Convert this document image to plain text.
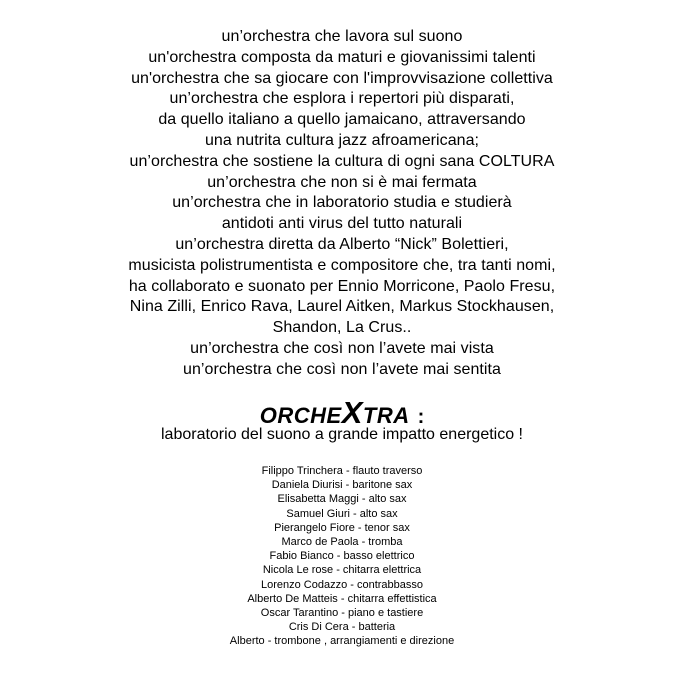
un’orchestra che lavora sul suono
un'orchestra composta da maturi e giovanissimi talenti
un'orchestra che sa giocare con l'improvvisazione collettiva
un’orchestra che esplora i repertori più disparati,
da quello italiano a quello jamaicano, attraversando
una nutrita cultura jazz afroamericana;
un’orchestra che sostiene la cultura di ogni sana COLTURA
un’orchestra che non si è mai fermata
un’orchestra che in laboratorio studia e studierà
antidoti anti virus del tutto naturali
un’orchestra diretta da Alberto “Nick” Bolettieri,
musicista polistrumentista e compositore che, tra tanti nomi,
ha collaborato e suonato per Ennio Morricone, Paolo Fresu,
Nina Zilli, Enrico Rava, Laurel Aitken, Markus Stockhausen,
Shandon, La Crus..
un’orchestra che così non l’avete mai vista
un’orchestra che così non l’avete mai sentita
ORCHEXTRA :
laboratorio del suono a grande impatto energetico !
Filippo Trinchera - flauto traverso
Daniela Diurisi - baritone sax
Elisabetta Maggi - alto sax
Samuel Giuri - alto sax
Pierangelo Fiore - tenor sax
Marco de Paola - tromba
Fabio Bianco - basso elettrico
Nicola Le rose - chitarra elettrica
Lorenzo Codazzo - contrabbasso
Alberto De Matteis - chitarra effettistica
Oscar Tarantino - piano e tastiere
Cris Di Cera - batteria
Alberto - trombone , arrangiamenti e direzione
